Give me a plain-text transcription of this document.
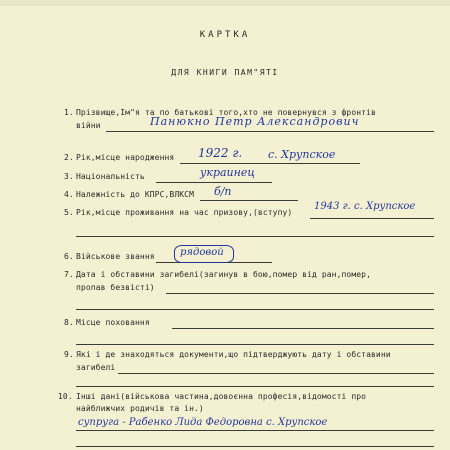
КАРТКА
ДЛЯ КНИГИ ПАМ"ЯТІ
1. Прізвище,Ім"я та по батькові того,хто не повернувся з фронтів
війни	Панюкно Петр Александрович
2. Рік,місце народження 1922 г. с. Хрупское
3. Національність	украинец
4. Належність до КПРС,ВЛКСМ б/п
5. Рік,місце проживання на час призову,(вступу)
1943 г. с. Хрупское
6. Військове звання	рядовой
7. Дата і обставини загибелі(загинув в бою,помер від ран,помер,
пропав безвісті)
8. Місце поховання
9. Які і де знаходяться документи,що підтверджують дату і обставини
загибелі
10. Інші дані(військова частина,довоєнна професія,відомості про
найближчих родичів та ін.)
супруга - Рабенко Лида Федоровна с. Хрупское
